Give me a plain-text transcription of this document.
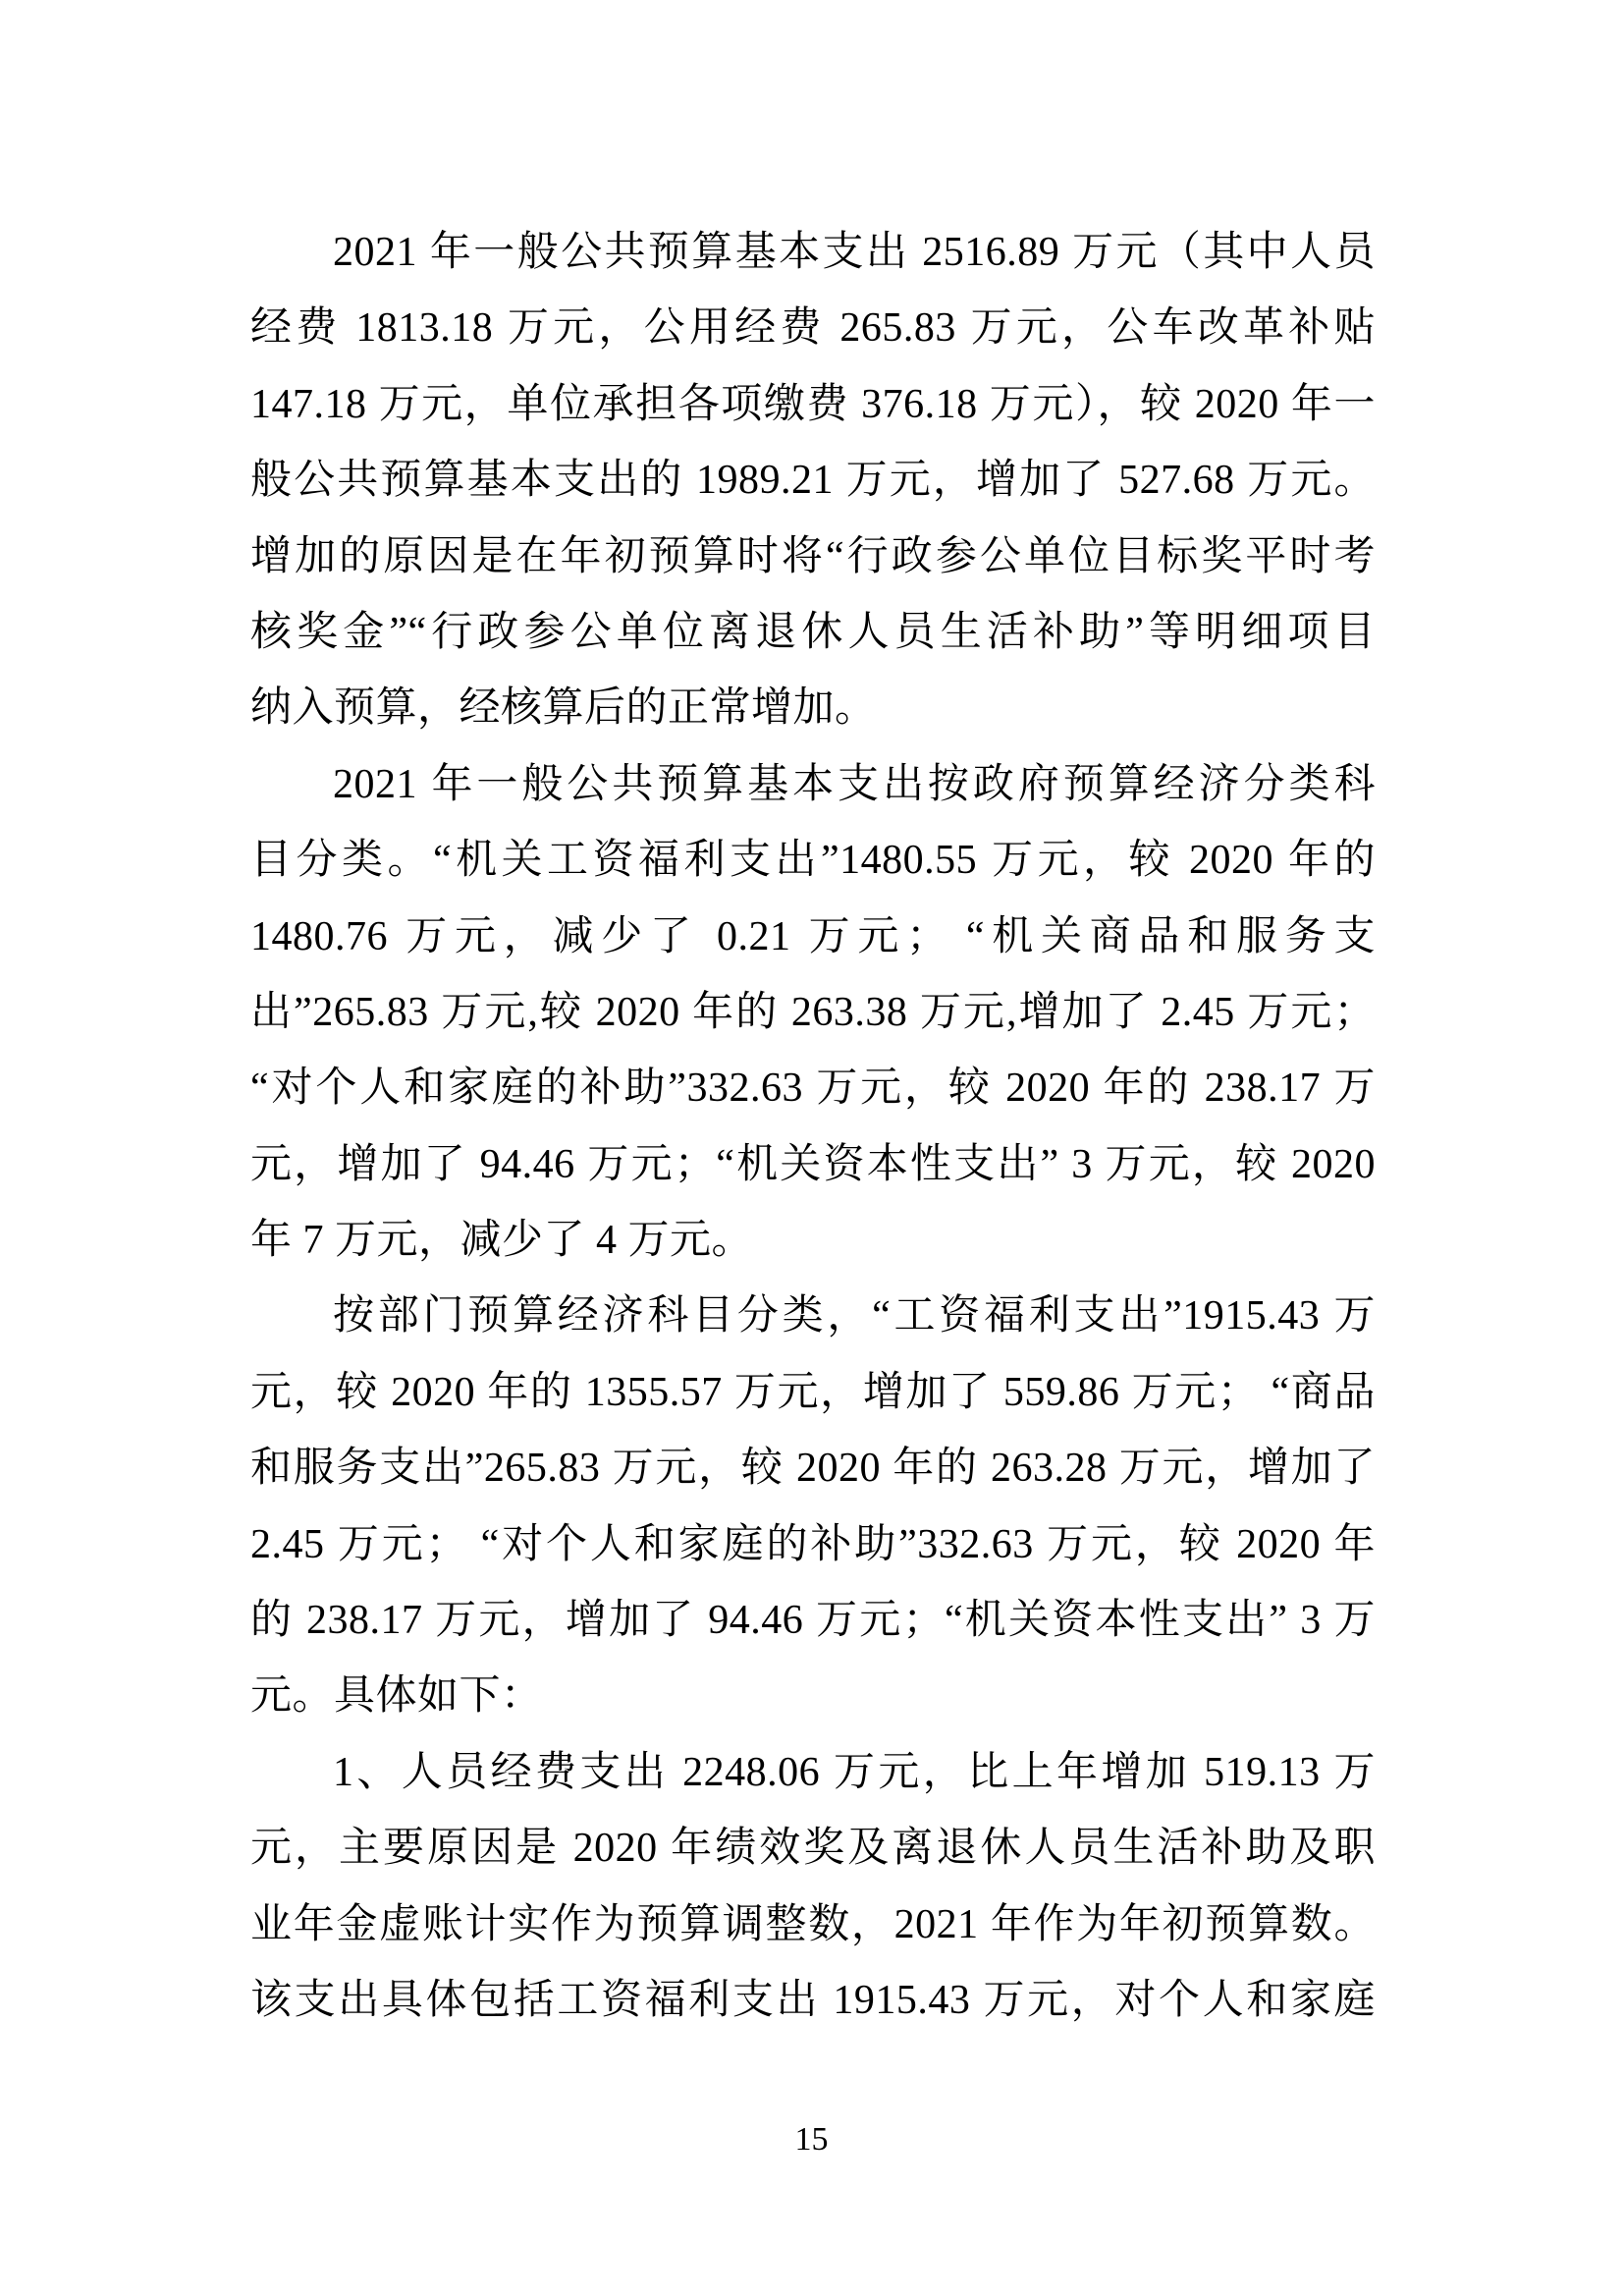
2021 年一般公共预算基本支出 2516.89 万元（其中人员
经费 1813.18 万元，公用经费 265.83 万元，公车改革补贴
147.18 万元，单位承担各项缴费 376.18 万元），较 2020 年一
般公共预算基本支出的 1989.21 万元，增加了 527.68 万元。
增加的原因是在年初预算时将“行政参公单位目标奖平时考
核奖金”“行政参公单位离退休人员生活补助”等明细项目
纳入预算，经核算后的正常增加。
2021 年一般公共预算基本支出按政府预算经济分类科
目分类。“机关工资福利支出”1480.55 万元，较 2020 年的
1480.76 万元，减少了 0.21 万元； “机关商品和服务支
出”265.83 万元,较 2020 年的 263.38 万元,增加了 2.45 万元；
“对个人和家庭的补助”332.63 万元，较 2020 年的 238.17 万
元，增加了 94.46 万元；“机关资本性支出” 3 万元，较 2020
年 7 万元，减少了 4 万元。
按部门预算经济科目分类，“工资福利支出”1915.43 万
元，较 2020 年的 1355.57 万元，增加了 559.86 万元； “商品
和服务支出”265.83 万元，较 2020 年的 263.28 万元，增加了
2.45 万元； “对个人和家庭的补助”332.63 万元，较 2020 年
的 238.17 万元，增加了 94.46 万元；“机关资本性支出” 3 万
元。具体如下：
1、人员经费支出 2248.06 万元，比上年增加 519.13 万
元，主要原因是 2020 年绩效奖及离退休人员生活补助及职
业年金虚账计实作为预算调整数，2021 年作为年初预算数。
该支出具体包括工资福利支出 1915.43 万元，对个人和家庭
15
